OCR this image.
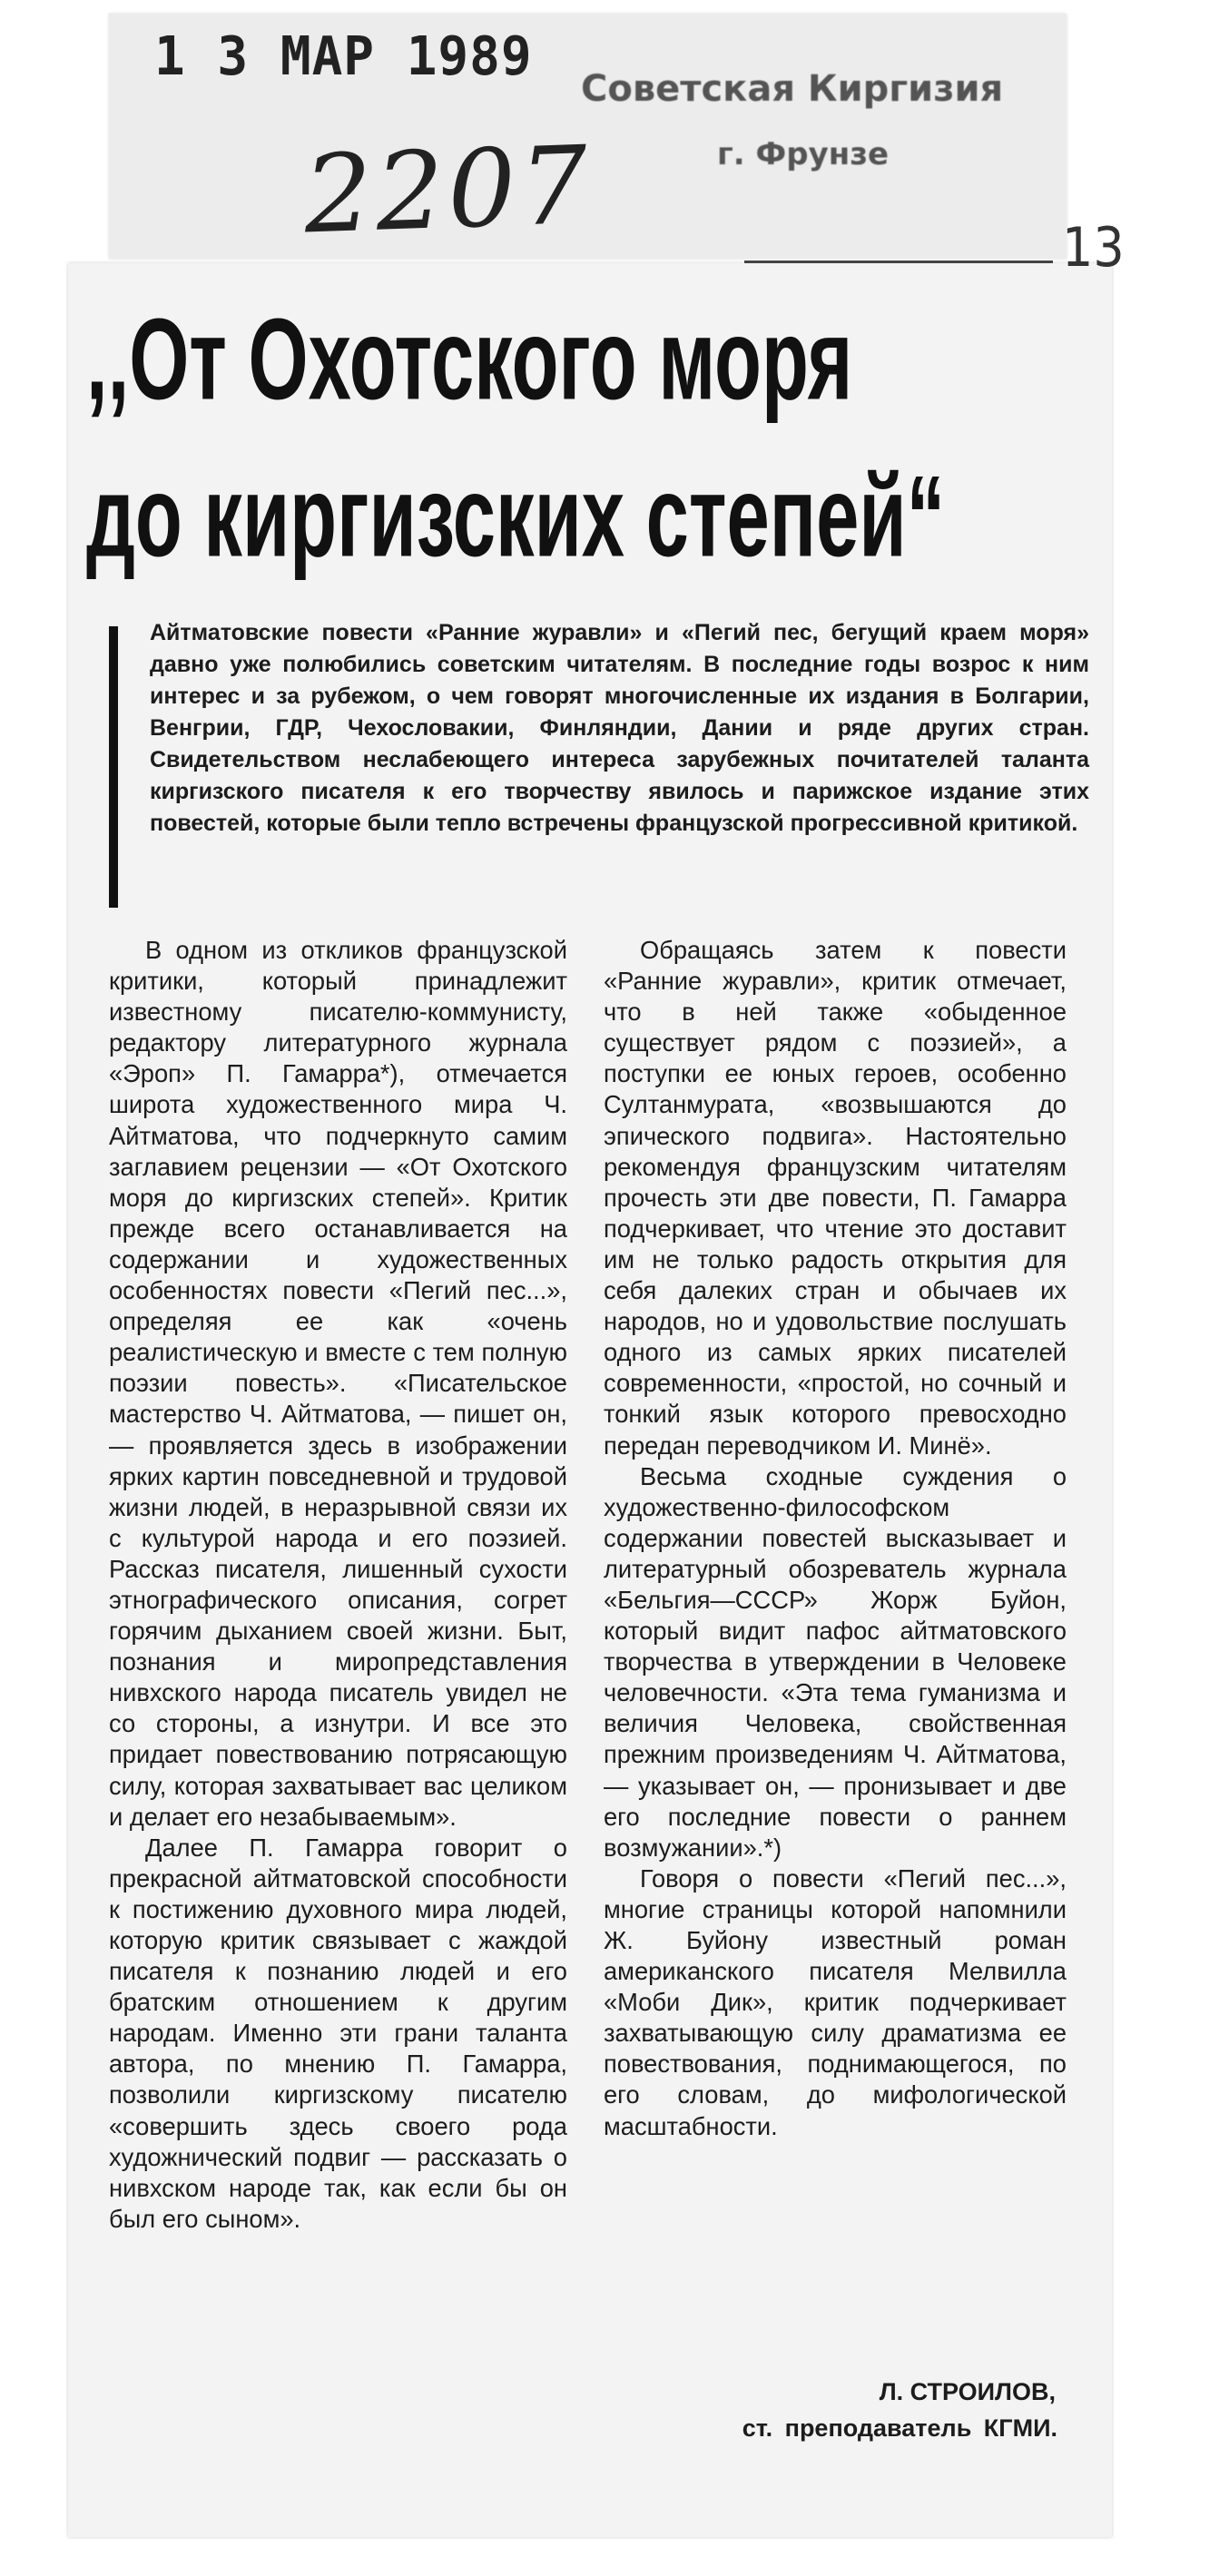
1 3 МАР 1989
Советская Киргизия
г. Фрунзе
2207	13
,,От Охотского моря
до киргизских степей“
Айтматовские повести «Ранние журавли» и «Пегий пес, бегущий краем моря» давно уже полюбились советским читателям. В последние годы возрос к ним интерес и за рубежом, о чем говорят многочисленные их издания в Болгарии, Венгрии, ГДР, Чехословакии, Финляндии, Дании и ряде других стран. Свидетельством неслабеющего интереса зарубежных почитателей таланта киргизского писателя к его творчеству явилось и парижское издание этих повестей, которые были тепло встречены французской прогрессивной критикой.

В одном из откликов французской критики, который принадлежит известному писателю-коммунисту, редактору литературного журнала «Эроп» П. Гамарра*), отмечается широта художественного мира Ч. Айтматова, что подчеркнуто самим заглавием рецензии — «От Охотского моря до киргизских степей». Критик прежде всего останавливается на содержании и художественных особенностях повести «Пегий пес...», определяя ее как «очень реалистическую и вместе с тем полную поэзии повесть». «Писательское мастерство Ч. Айтматова, — пишет он, — проявляется здесь в изображении ярких картин повседневной и трудовой жизни людей, в неразрывной связи их с культурой народа и его поэзией. Рассказ писателя, лишенный сухости этнографического описания, согрет горячим дыханием своей жизни. Быт, познания и миропредставления нивхского народа писатель увидел не со стороны, а изнутри. И все это придает повествованию потрясающую силу, которая захватывает вас целиком и делает его незабываемым».

Далее П. Гамарра говорит о прекрасной айтматовской способности к постижению духовного мира людей, которую критик связывает с жаждой писателя к познанию людей и его братским отношением к другим народам. Именно эти грани таланта автора, по мнению П. Гамарра, позволили киргизскому писателю «совершить здесь своего рода художнический подвиг — рассказать о нивхском народе так, как если бы он был его сыном».

Обращаясь затем к повести «Ранние журавли», критик отмечает, что в ней также «обыденное существует рядом с поэзией», а поступки ее юных героев, особенно Султанмурата, «возвышаются до эпического подвига». Настоятельно рекомендуя французским читателям прочесть эти две повести, П. Гамарра подчеркивает, что чтение это доставит им не только радость открытия для себя далеких стран и обычаев их народов, но и удовольствие послушать одного из самых ярких писателей современности, «простой, но сочный и тонкий язык которого превосходно передан переводчиком И. Минё».

Весьма сходные суждения о художественно-философском содержании повестей высказывает и литературный обозреватель журнала «Бельгия—СССР» Жорж Буйон, который видит пафос айтматовского творчества в утверждении в Человеке человечности. «Эта тема гуманизма и величия Человека, свойственная прежним произведениям Ч. Айтматова, — указывает он, — пронизывает и две его последние повести о раннем возмужании».*)

Говоря о повести «Пегий пес...», многие страницы которой напомнили Ж. Буйону известный роман американского писателя Мелвилла «Моби Дик», критик подчеркивает захватывающую силу драматизма ее повествования, поднимающегося, по его словам, до мифологической масштабности.

Л. СТРОИЛОВ,
ст. преподаватель КГМИ.
